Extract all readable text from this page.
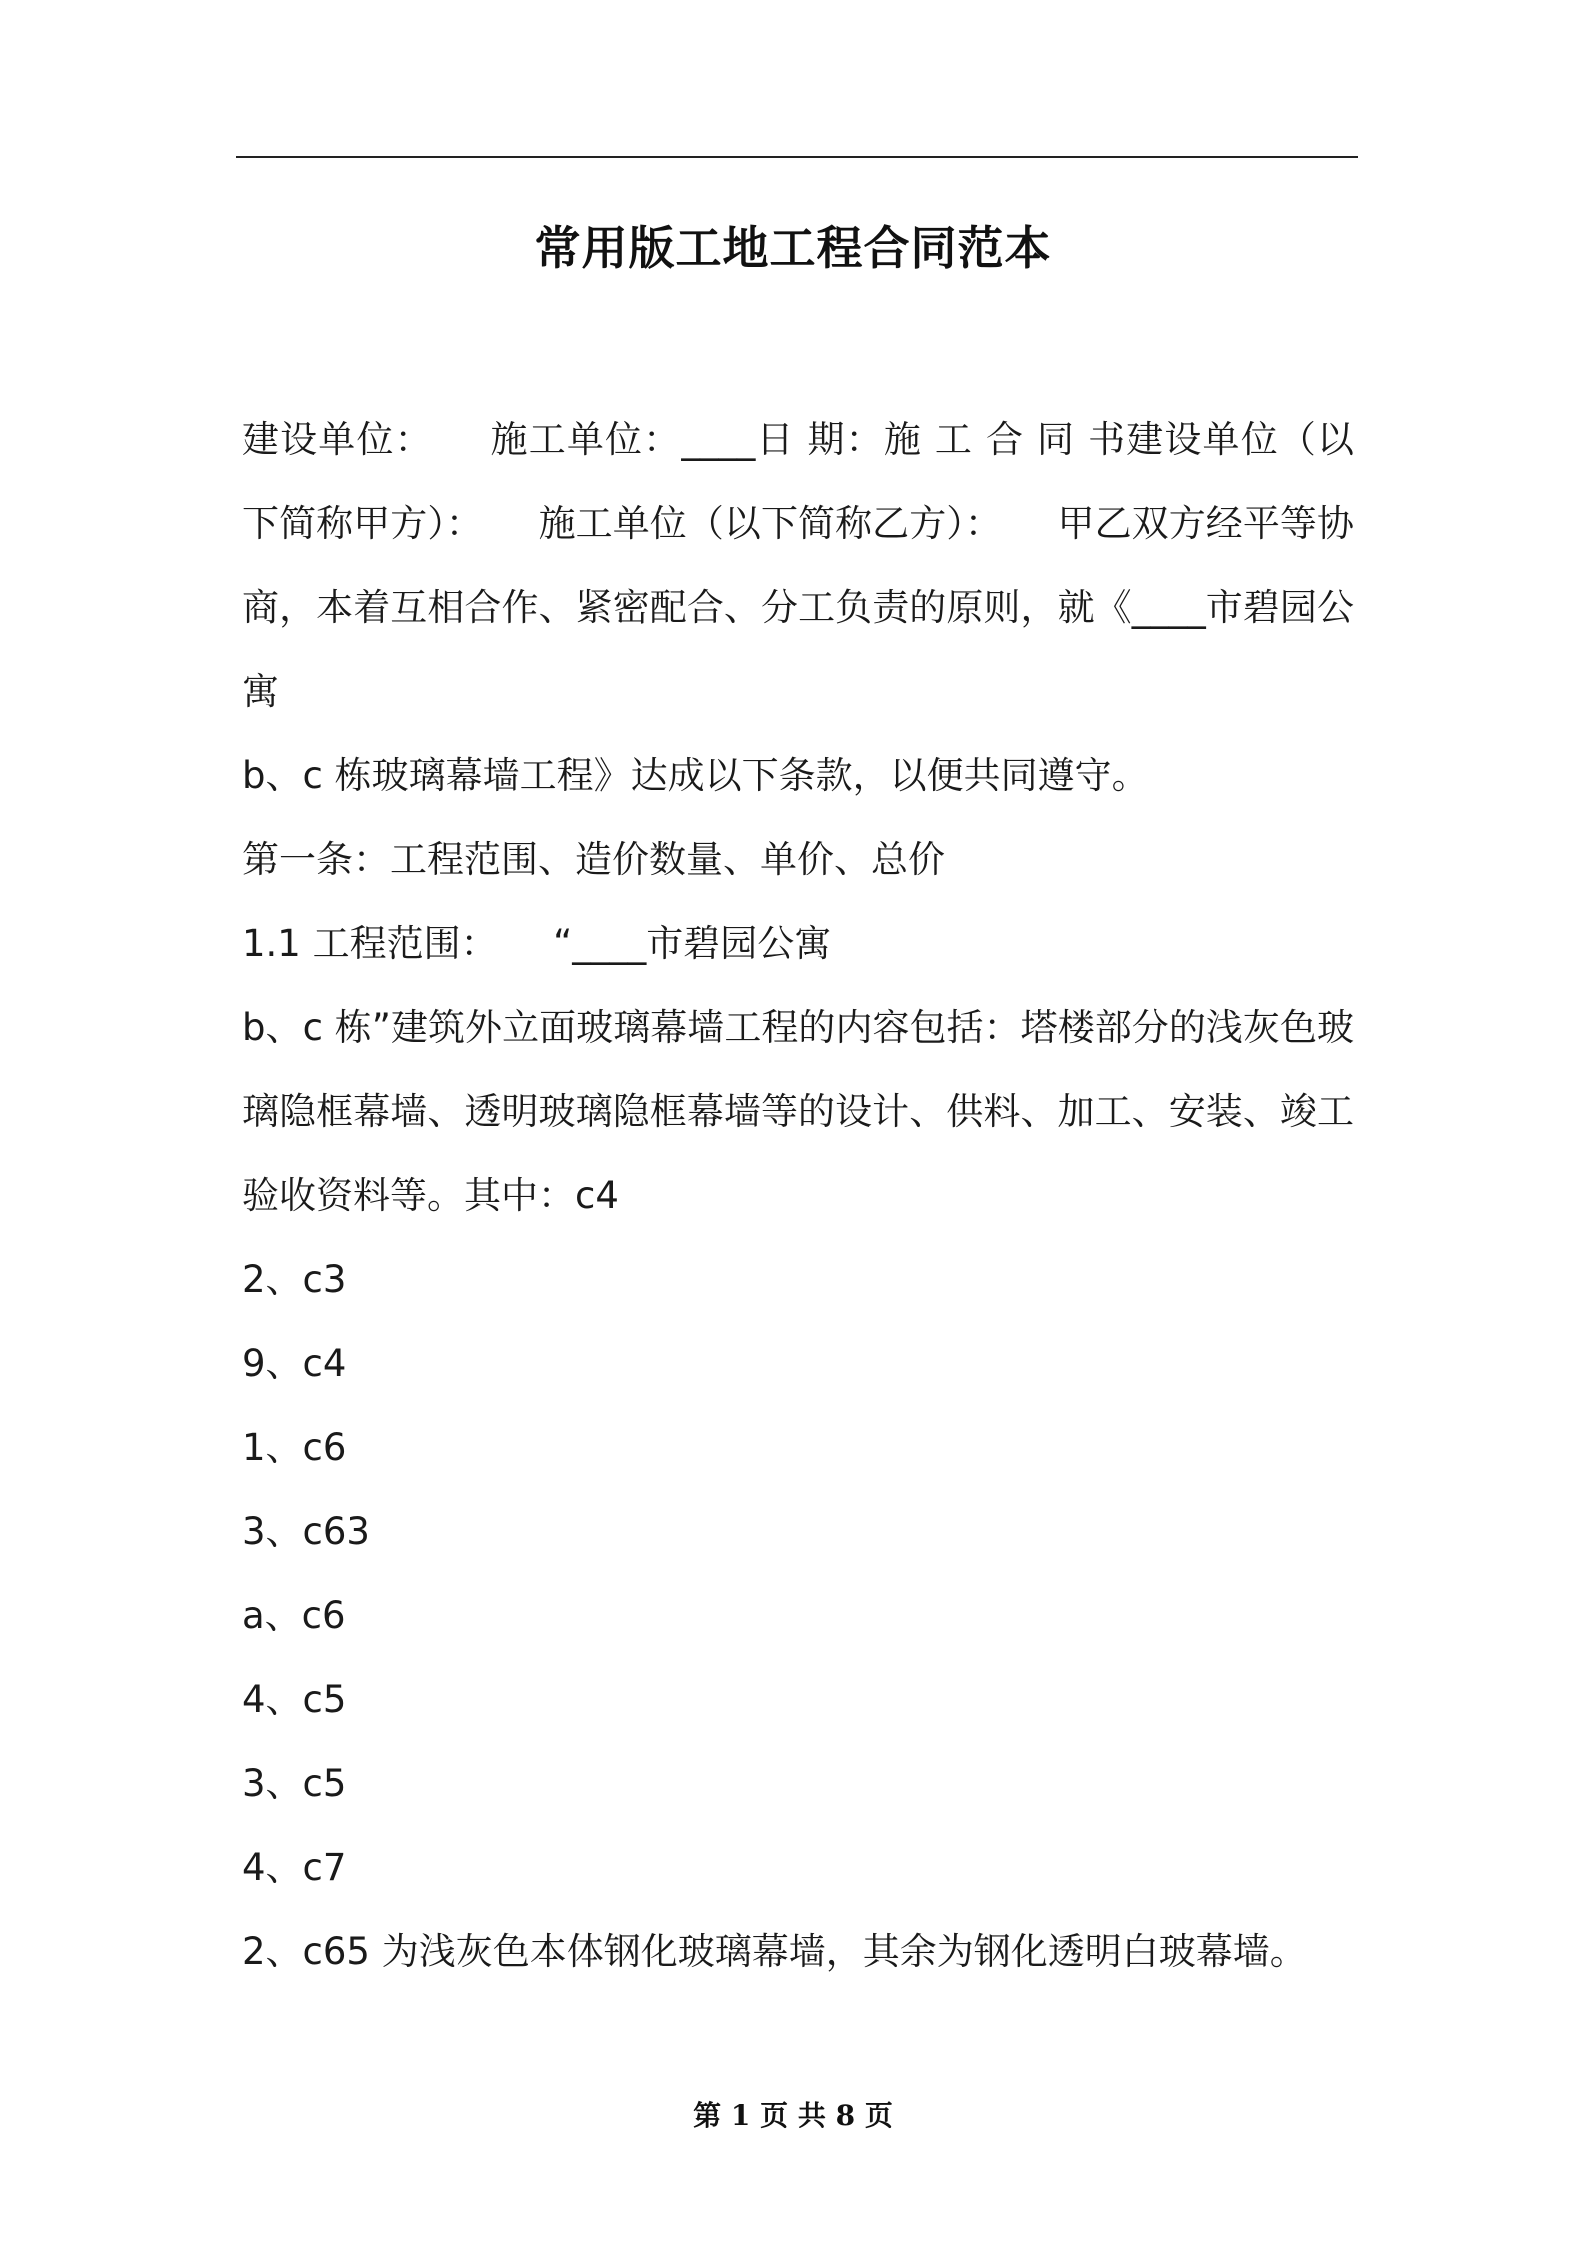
常用版工地工程合同范本

建设单位：　　施工单位：____日 期：施 工 合 同 书建设单位（以下简称甲方）：　　施工单位（以下简称乙方）：　　甲乙双方经平等协商，本着互相合作、紧密配合、分工负责的原则，就《____市碧园公寓

b、c 栋玻璃幕墙工程》达成以下条款，以便共同遵守。

第一条：工程范围、造价数量、单价、总价

1.1 工程范围：　　“____市碧园公寓

b、c 栋”建筑外立面玻璃幕墙工程的内容包括：塔楼部分的浅灰色玻璃隐框幕墙、透明玻璃隐框幕墙等的设计、供料、加工、安装、竣工验收资料等。其中：c4

2、c3

9、c4

1、c6

3、c63

a、c6

4、c5

3、c5

4、c7

2、c65 为浅灰色本体钢化玻璃幕墙，其余为钢化透明白玻幕墙。

第 1 页 共 8 页
